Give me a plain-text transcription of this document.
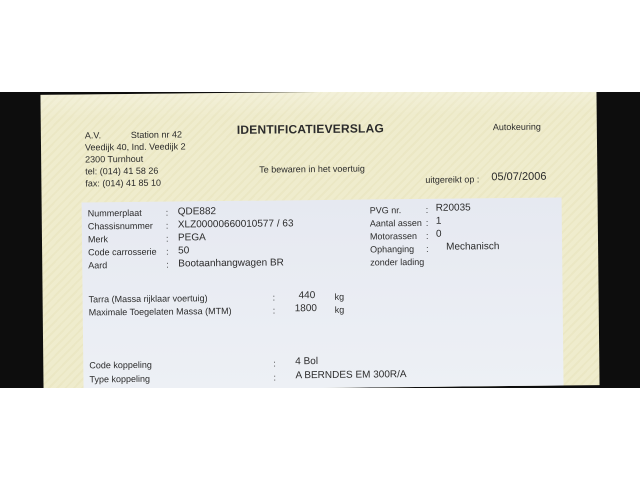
A.V.	Station nr 42
Veedijk 40, Ind. Veedijk 2
2300 Turnhout
tel: (014) 41 58 26
fax: (014) 41 85 10
IDENTIFICATIEVERSLAG	Autokeuring
Te bewaren in het voertuig
uitgereikt op : 05/07/2006
Nummerplaat	: QDE882
Chassisnummer : XLZ00000660010577 / 63
Merk	: PEGA
Code carrosserie : 50
Aard	: Bootaanhangwagen BR
PVG nr.	: R20035
Aantal assen : 1
Motorassen : 0
Ophanging : Mechanisch
zonder lading
Tarra (Massa rijklaar voertuig)	: 440 kg
Maximale Toegelaten Massa (MTM)	: 1800 kg
Code koppeling	: 4 Bol
Type koppeling	: A BERNDES EM 300R/A
